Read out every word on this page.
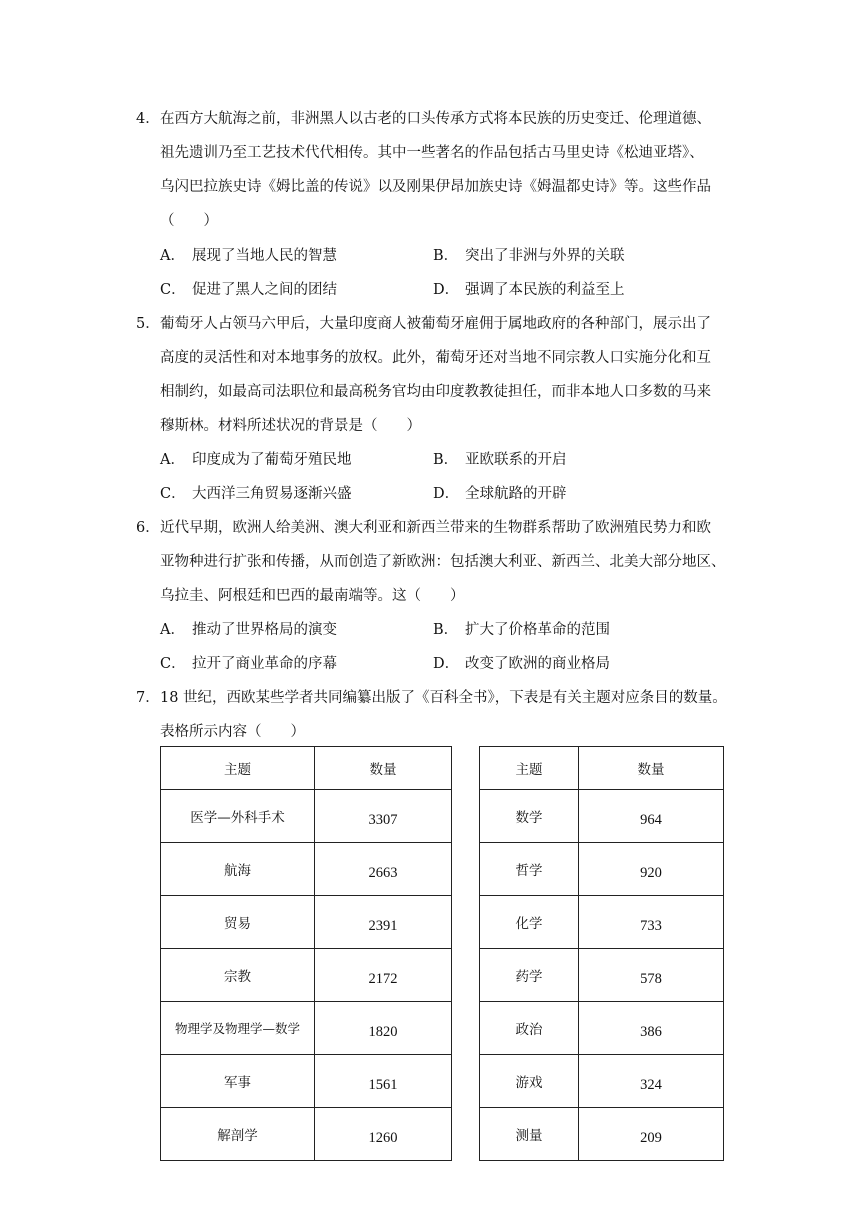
4． 在西方大航海之前，非洲黑人以古老的口头传承方式将本民族的历史变迁、伦理道德、
祖先遗训乃至工艺技术代代相传。其中一些著名的作品包括古马里史诗《松迪亚塔》、
乌闪巴拉族史诗《姆比盖的传说》以及刚果伊昂加族史诗《姆温都史诗》等。这些作品
（　　）
A． 展现了当地人民的智慧	B． 突出了非洲与外界的关联
C． 促进了黑人之间的团结	D． 强调了本民族的利益至上
5． 葡萄牙人占领马六甲后，大量印度商人被葡萄牙雇佣于属地政府的各种部门，展示出了
高度的灵活性和对本地事务的放权。此外，葡萄牙还对当地不同宗教人口实施分化和互
相制约，如最高司法职位和最高税务官均由印度教教徒担任，而非本地人口多数的马来
穆斯林。材料所述状况的背景是（　　）
A． 印度成为了葡萄牙殖民地	B． 亚欧联系的开启
C． 大西洋三角贸易逐渐兴盛	D． 全球航路的开辟
6． 近代早期，欧洲人给美洲、澳大利亚和新西兰带来的生物群系帮助了欧洲殖民势力和欧
亚物种进行扩张和传播，从而创造了新欧洲：包括澳大利亚、新西兰、北美大部分地区、
乌拉圭、阿根廷和巴西的最南端等。这（　　）
A． 推动了世界格局的演变	B． 扩大了价格革命的范围
C． 拉开了商业革命的序幕	D． 改变了欧洲的商业格局
7． 18 世纪，西欧某些学者共同编纂出版了《百科全书》，下表是有关主题对应条目的数量。
表格所示内容（　　）
主题	数量		主题	数量
医学—外科手术	3307		数学	964
航海	2663		哲学	920
贸易	2391		化学	733
宗教	2172		药学	578
物理学及物理学—数学	1820		政治	386
军事	1561		游戏	324
解剖学	1260		测量	209
